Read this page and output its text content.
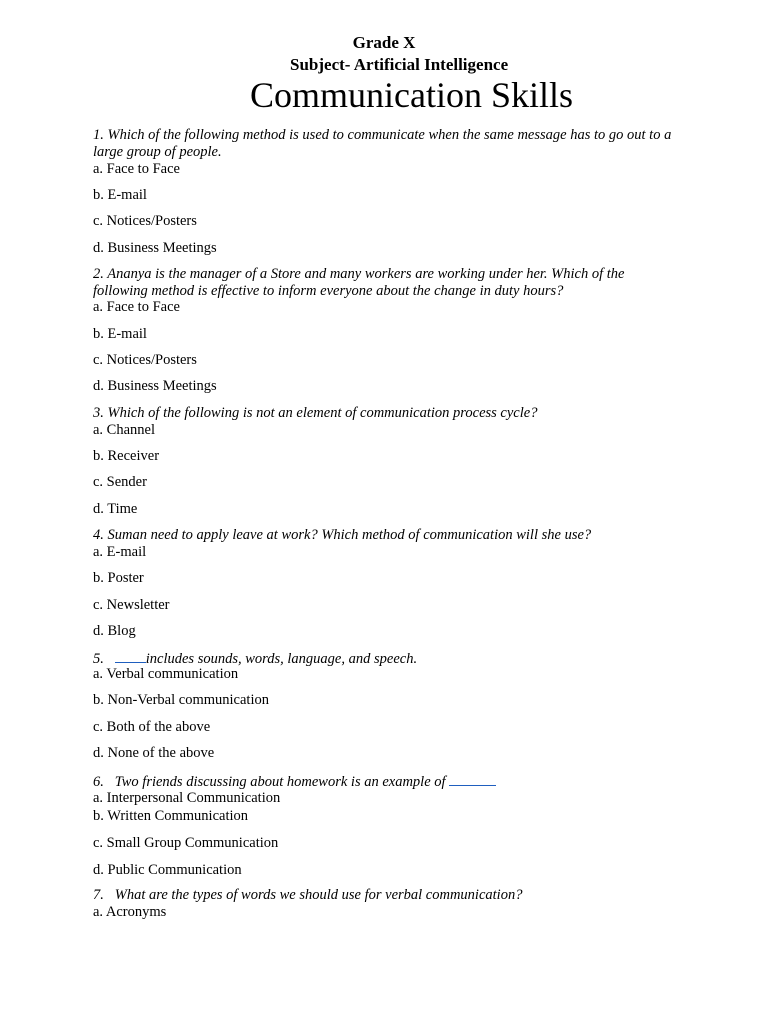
Grade X
Subject- Artificial Intelligence
Communication Skills
1. Which of the following method is used to communicate when the same message has to go out to a large group of people.
a. Face to Face
b. E-mail
c. Notices/Posters
d. Business Meetings
2. Ananya is the manager of a Store and many workers are working under her. Which of the following method is effective to inform everyone about the change in duty hours?
a. Face to Face
b. E-mail
c. Notices/Posters
d. Business Meetings
3. Which of the following is not an element of communication process cycle?
a. Channel
b. Receiver
c. Sender
d. Time
4. Suman need to apply leave at work? Which method of communication will she use?
a. E-mail
b. Poster
c. Newsletter
d. Blog
5.	includes sounds, words, language, and speech.
a. Verbal communication
b. Non-Verbal communication
c. Both of the above
d. None of the above
6. Two friends discussing about homework is an example of
a. Interpersonal Communication
b. Written Communication
c. Small Group Communication
d. Public Communication
7. What are the types of words we should use for verbal communication?
a. Acronyms
